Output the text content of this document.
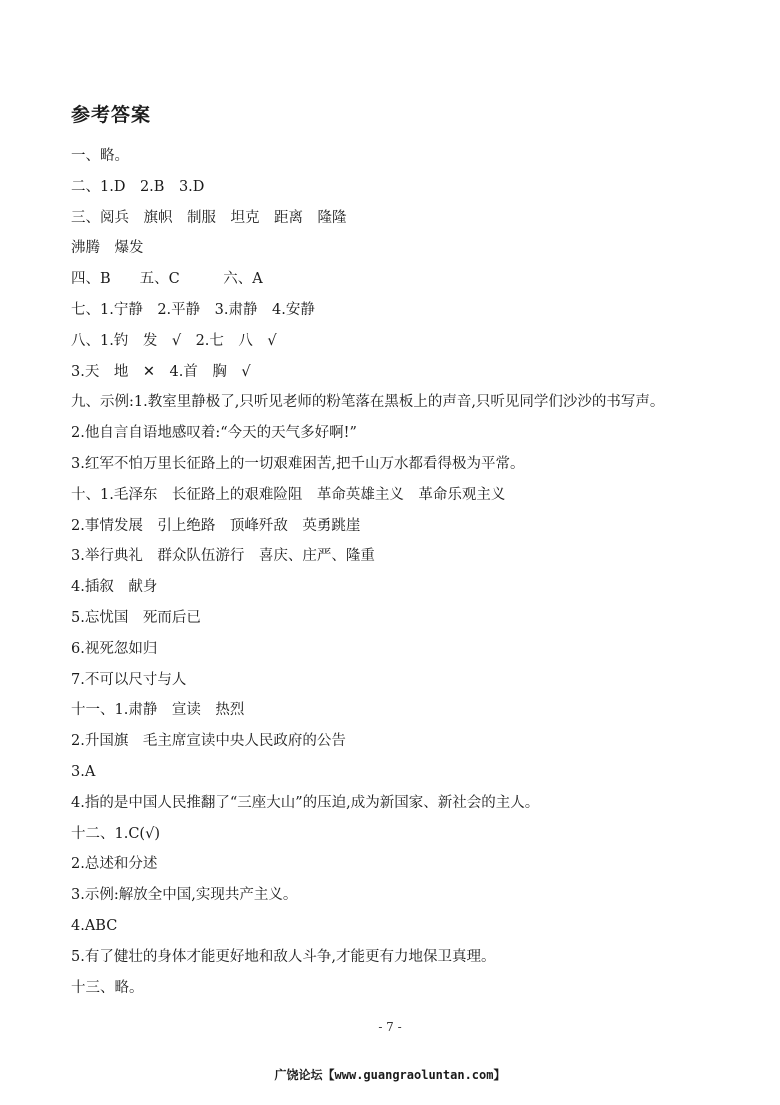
参考答案
一、略。
二、1.D　2.B　3.D
三、阅兵　旗帜　制服　坦克　距离　隆隆
沸腾　爆发
四、B　　五、C　　　六、A
七、1.宁静　2.平静　3.肃静　4.安静
八、1.钓　发　√　2.七　八　√
3.天　地　✕　4.首　胸　√
九、示例:1.教室里静极了,只听见老师的粉笔落在黑板上的声音,只听见同学们沙沙的书写声。
2.他自言自语地感叹着:“今天的天气多好啊!”
3.红军不怕万里长征路上的一切艰难困苦,把千山万水都看得极为平常。
十、1.毛泽东　长征路上的艰难险阻　革命英雄主义　革命乐观主义
2.事情发展　引上绝路　顶峰歼敌　英勇跳崖
3.举行典礼　群众队伍游行　喜庆、庄严、隆重
4.插叙　献身
5.忘忧国　死而后已
6.视死忽如归
7.不可以尺寸与人
十一、1.肃静　宣读　热烈
2.升国旗　毛主席宣读中央人民政府的公告
3.A
4.指的是中国人民推翻了“三座大山”的压迫,成为新国家、新社会的主人。
十二、1.C(√)
2.总述和分述
3.示例:解放全中国,实现共产主义。
4.ABC
5.有了健壮的身体才能更好地和敌人斗争,才能更有力地保卫真理。
十三、略。
- 7 -
广饶论坛【www.guangraoluntan.com】
